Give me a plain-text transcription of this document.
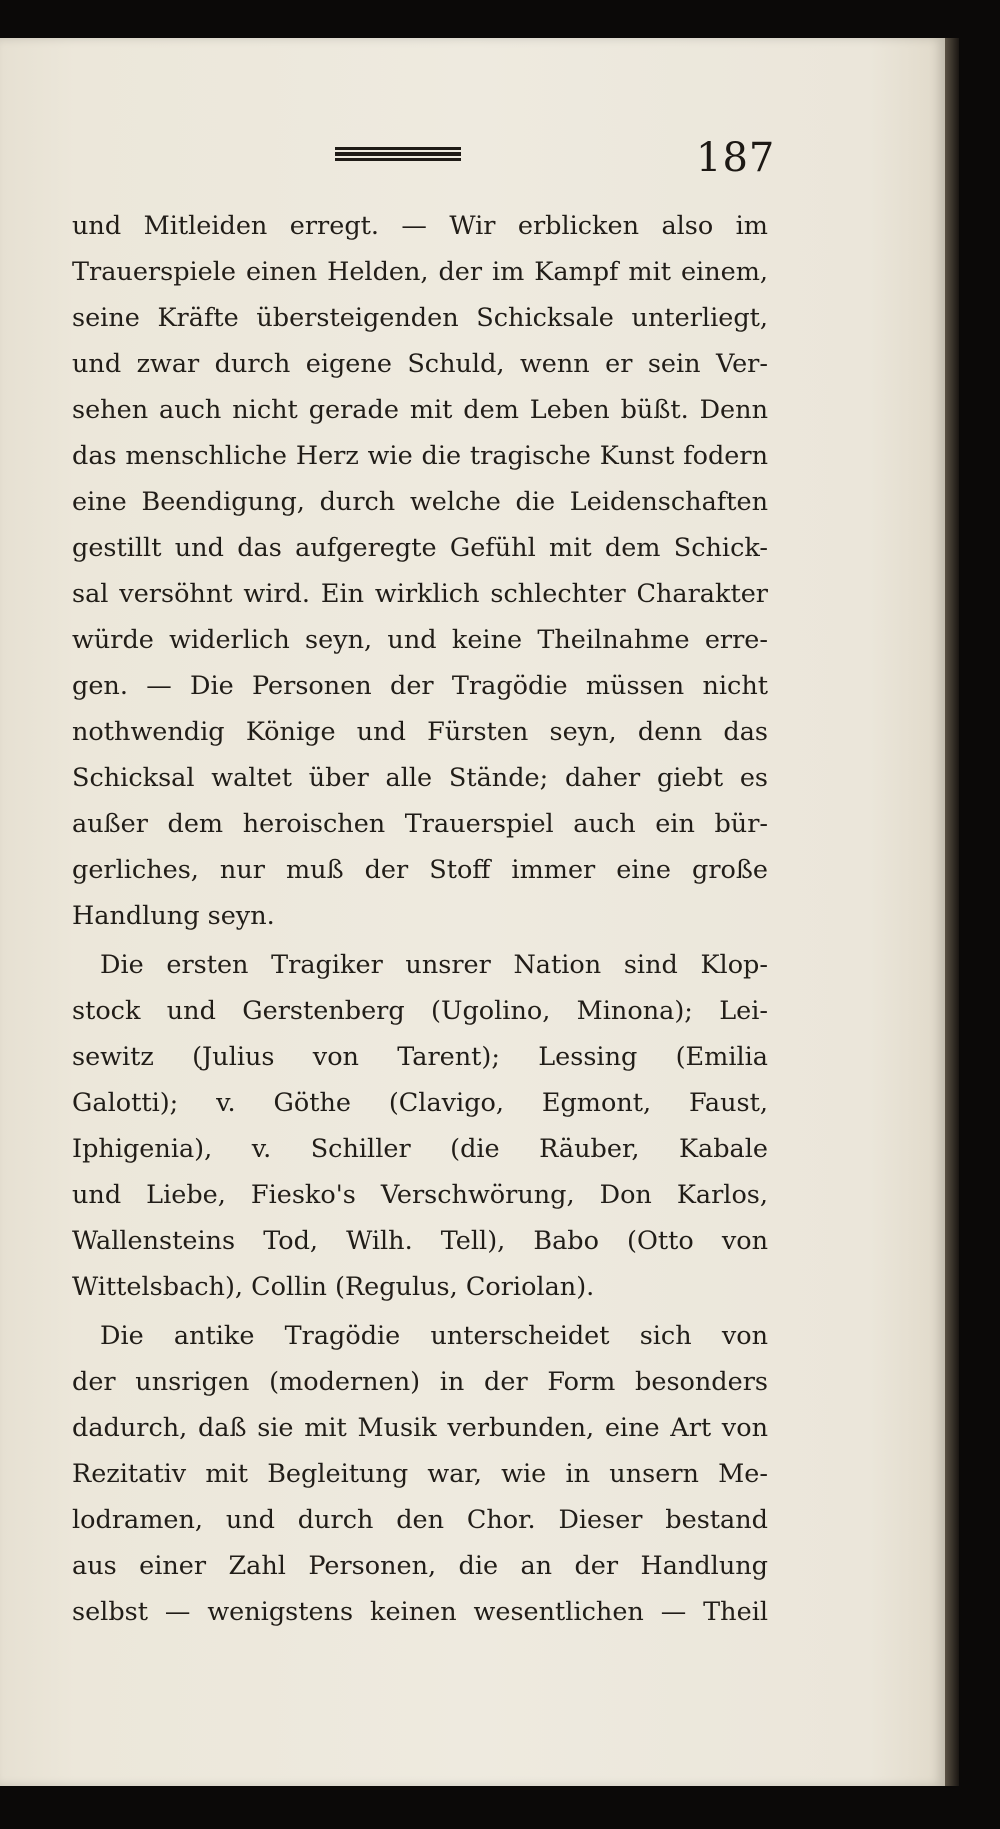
187
und Mitleiden erregt. — Wir erblicken also im
Trauerspiele einen Helden, der im Kampf mit einem,
seine Kräfte übersteigenden Schicksale unterliegt,
und zwar durch eigene Schuld, wenn er sein Ver-
sehen auch nicht gerade mit dem Leben büßt. Denn
das menschliche Herz wie die tragische Kunst fodern
eine Beendigung, durch welche die Leidenschaften
gestillt und das aufgeregte Gefühl mit dem Schick-
sal versöhnt wird. Ein wirklich schlechter Charakter
würde widerlich seyn, und keine Theilnahme erre-
gen. — Die Personen der Tragödie müssen nicht
nothwendig Könige und Fürsten seyn, denn das
Schicksal waltet über alle Stände; daher giebt es
außer dem heroischen Trauerspiel auch ein bür-
gerliches, nur muß der Stoff immer eine große
Handlung seyn.
Die ersten Tragiker unsrer Nation sind Klop-
stock und Gerstenberg (Ugolino, Minona); Lei-
sewitz (Julius von Tarent); Lessing (Emilia
Galotti); v. Göthe (Clavigo, Egmont, Faust,
Iphigenia), v. Schiller (die Räuber, Kabale
und Liebe, Fiesko's Verschwörung, Don Karlos,
Wallensteins Tod, Wilh. Tell), Babo (Otto von
Wittelsbach), Collin (Regulus, Coriolan).
Die antike Tragödie unterscheidet sich von
der unsrigen (modernen) in der Form besonders
dadurch, daß sie mit Musik verbunden, eine Art von
Rezitativ mit Begleitung war, wie in unsern Me-
lodramen, und durch den Chor. Dieser bestand
aus einer Zahl Personen, die an der Handlung
selbst — wenigstens keinen wesentlichen — Theil
